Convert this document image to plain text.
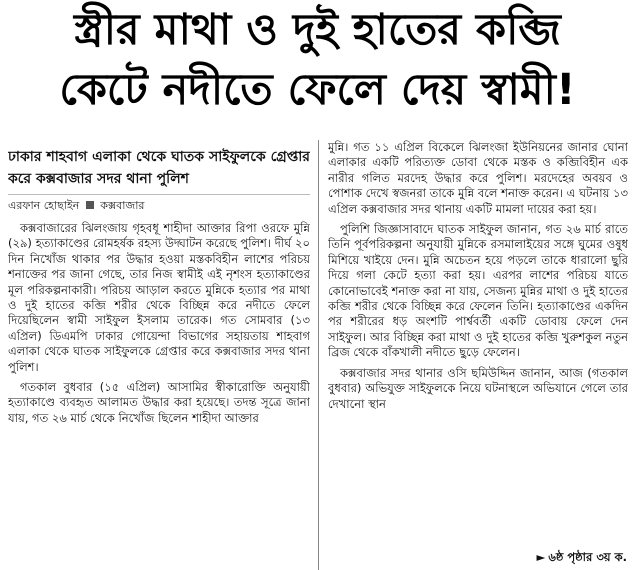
স্ত্রীর মাথা ও দুই হাতের কব্জি
কেটে নদীতে ফেলে দেয় স্বামী!
ঢাকার শাহবাগ এলাকা থেকে ঘাতক সাইফুলকে গ্রেপ্তার করে কক্সবাজার সদর থানা পুলিশ
এরফান হোছাইন কক্সবাজার

কক্সবাজারের ঝিলংজায় গৃহবধূ শাহীদা আক্তার রিপা ওরফে মুন্নি (২৯) হত্যাকাণ্ডের রোমহর্ষক রহস্য উদ্ঘাটন করেছে পুলিশ। দীর্ঘ ২০ দিন নিখোঁজ থাকার পর উদ্ধার হওয়া মস্তকবিহীন লাশের পরিচয় শনাক্তের পর জানা গেছে, তার নিজ স্বামীই এই নৃশংস হত্যাকাণ্ডের মূল পরিকল্পনাকারী। পরিচয় আড়াল করতে মুন্নিকে হত্যার পর মাথা ও দুই হাতের কব্জি শরীর থেকে বিচ্ছিন্ন করে নদীতে ফেলে দিয়েছিলেন স্বামী সাইফুল ইসলাম তারেক। গত সোমবার (১৩ এপ্রিল) ডিএমপি ঢাকার গোয়েন্দা বিভাগের সহায়তায় শাহবাগ এলাকা থেকে ঘাতক সাইফুলকে গ্রেপ্তার করে কক্সবাজার সদর থানা পুলিশ।

গতকাল বুধবার (১৫ এপ্রিল) আসামির স্বীকারোক্তি অনুযায়ী হত্যাকাণ্ডে ব্যবহৃত আলামত উদ্ধার করা হয়েছে। তদন্ত সূত্রে জানা যায়, গত ২৬ মার্চ থেকে নিখোঁজ ছিলেন শাহীদা আক্তার

মুন্নি। গত ১১ এপ্রিল বিকেলে ঝিলংজা ইউনিয়নের জানার ঘোনা এলাকার একটি পরিত্যক্ত ডোবা থেকে মস্তক ও কব্জিবিহীন এক নারীর গলিত মরদেহ উদ্ধার করে পুলিশ। মরদেহের অবয়ব ও পোশাক দেখে স্বজনরা তাকে মুন্নি বলে শনাক্ত করেন। এ ঘটনায় ১৩ এপ্রিল কক্সবাজার সদর থানায় একটি মামলা দায়ের করা হয়।

পুলিশি জিজ্ঞাসাবাদে ঘাতক সাইফুল জানান, গত ২৬ মার্চ রাতে তিনি পূর্বপরিকল্পনা অনুযায়ী মুন্নিকে রসমালাইয়ের সঙ্গে ঘুমের ওষুধ মিশিয়ে খাইয়ে দেন। মুন্নি অচেতন হয়ে পড়লে তাকে ধারালো ছুরি দিয়ে গলা কেটে হত্যা করা হয়। এরপর লাশের পরিচয় যাতে কোনোভাবেই শনাক্ত করা না যায়, সেজন্য মুন্নির মাথা ও দুই হাতের কব্জি শরীর থেকে বিচ্ছিন্ন করে ফেলেন তিনি। হত্যাকাণ্ডের একদিন পর শরীরের ধড় অংশটি পার্শ্ববর্তী একটি ডোবায় ফেলে দেন সাইফুল। আর বিচ্ছিন্ন করা মাথা ও দুই হাতের কব্জি খুরুশকুল নতুন ব্রিজ থেকে বাঁকখালী নদীতে ছুড়ে ফেলেন।

কক্সবাজার সদর থানার ওসি ছমিউদ্দিন জানান, আজ (গতকাল বুধবার) অভিযুক্ত সাইফুলকে নিয়ে ঘটনাস্থলে অভিযানে গেলে তার দেখানো স্থান

► ৬ষ্ঠ পৃষ্ঠার ৩য় ক.
